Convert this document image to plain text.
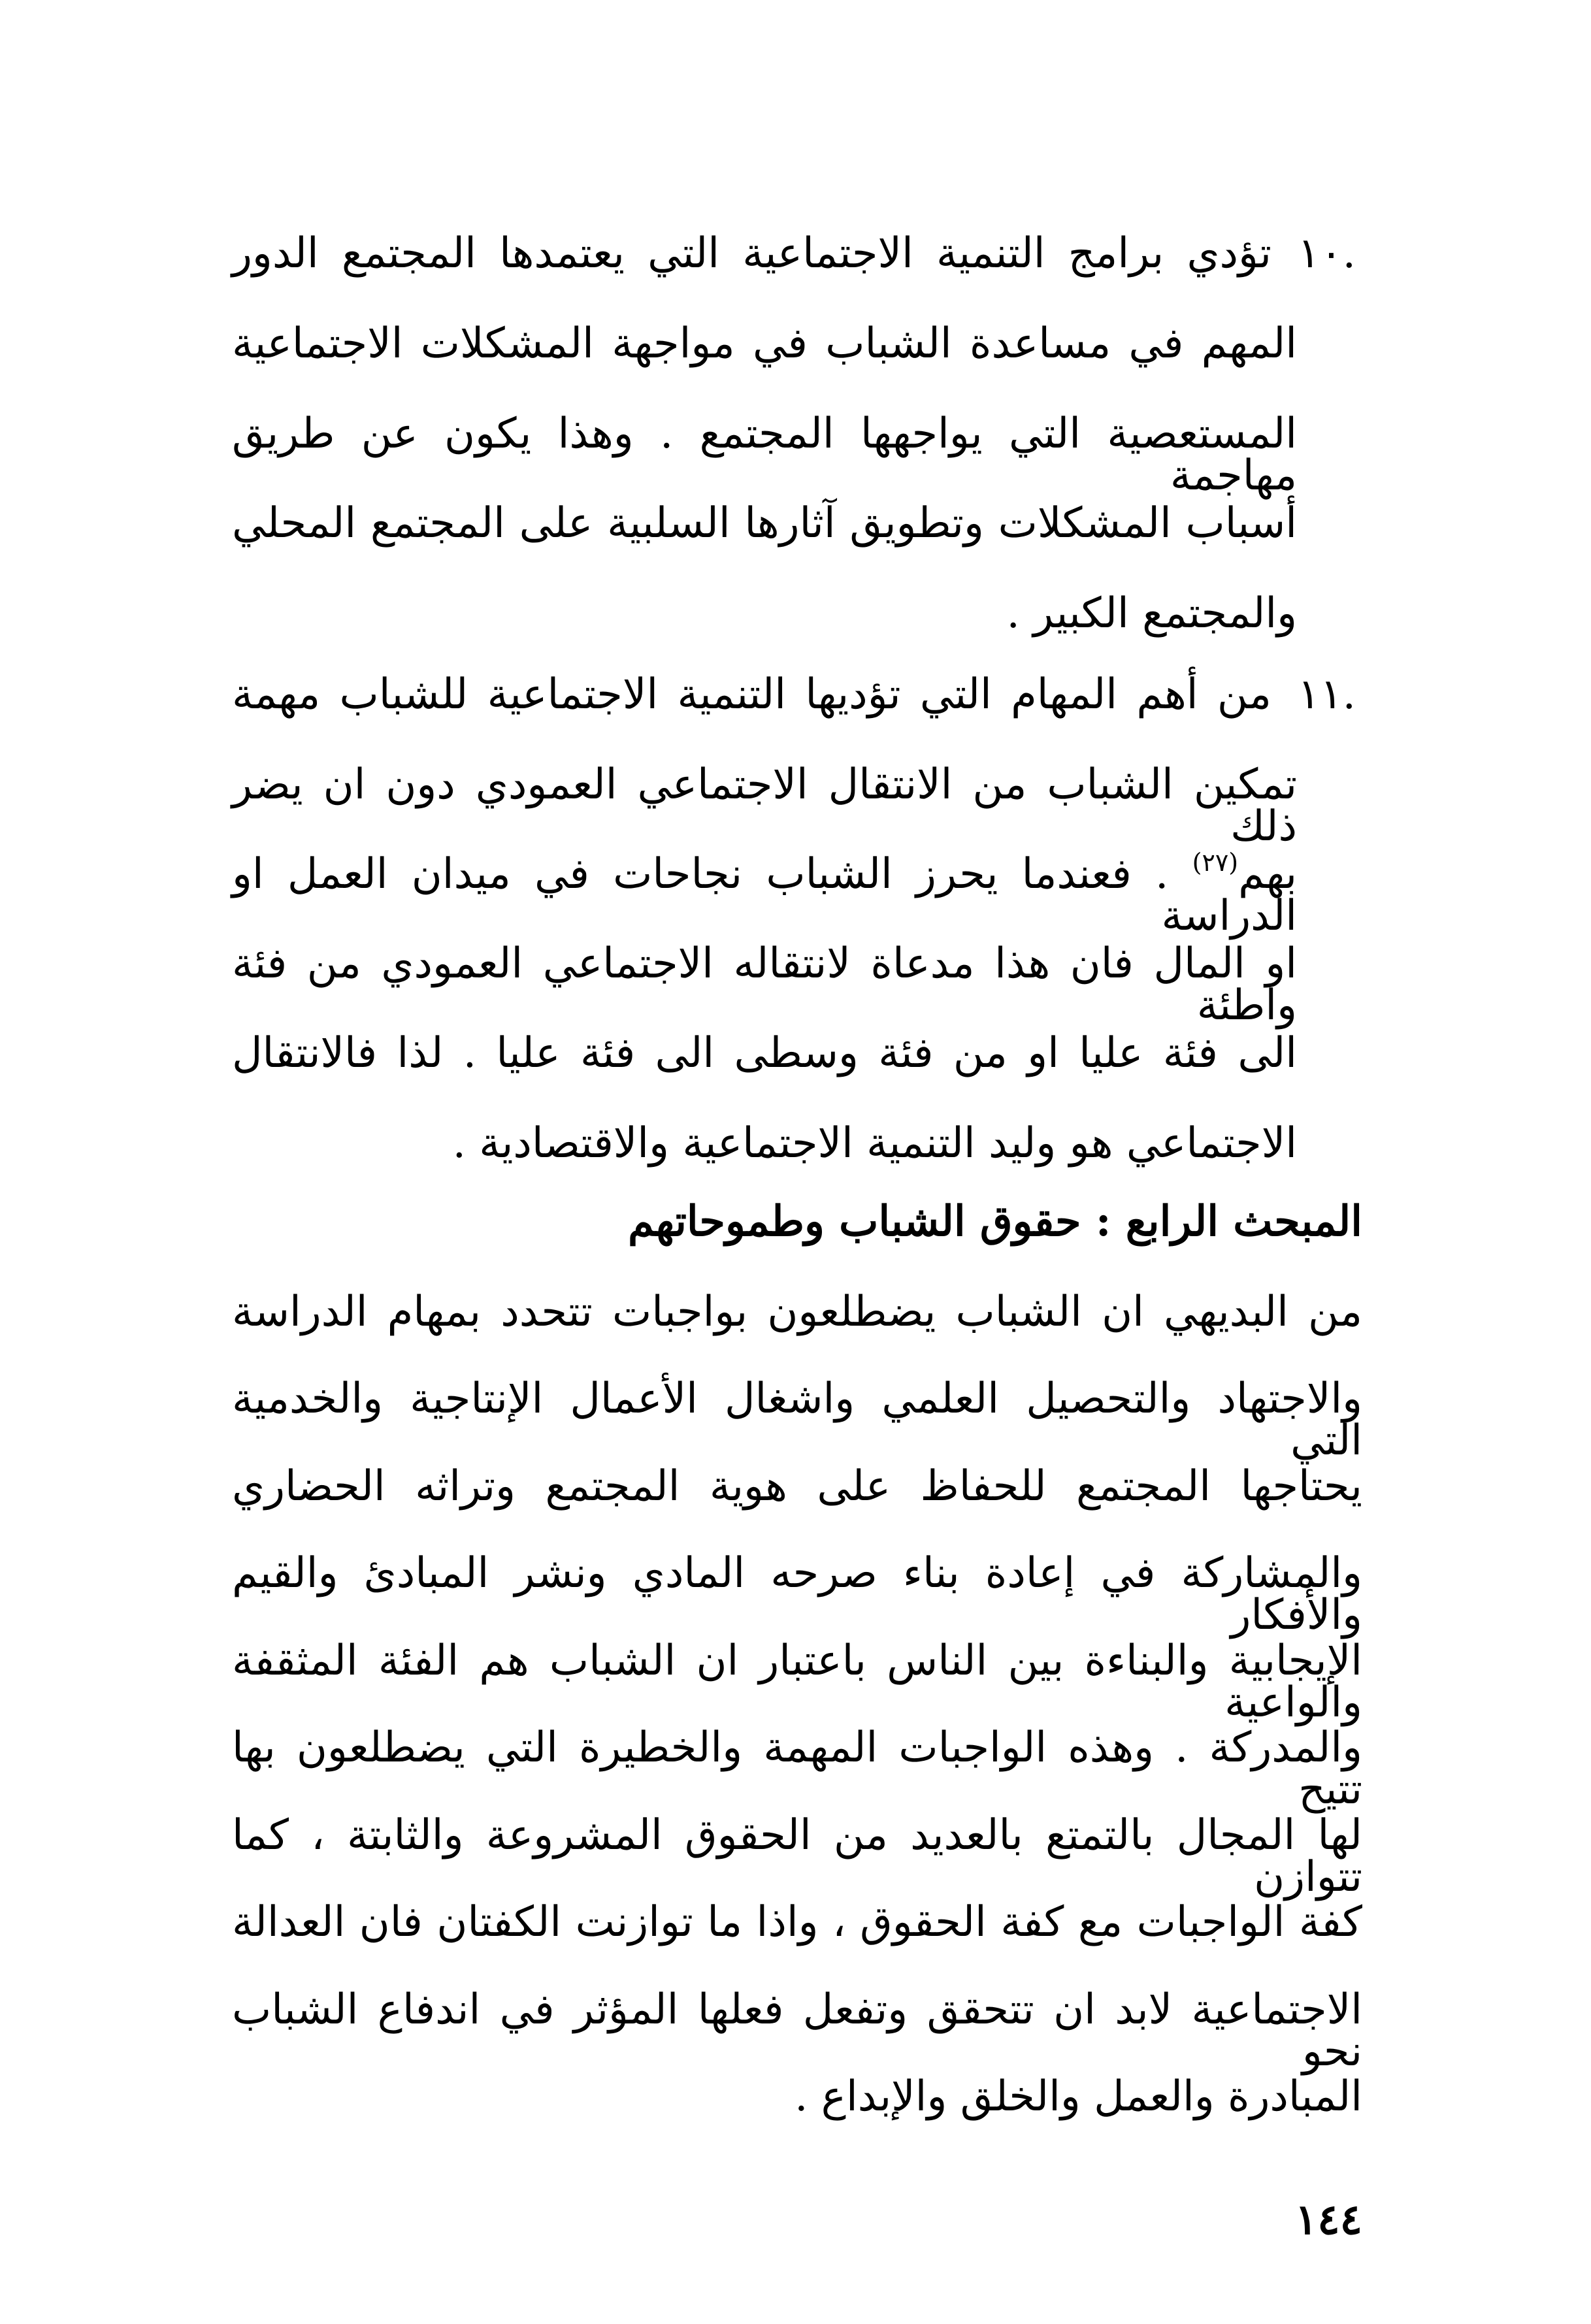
.١٠تؤدي برامج التنمية الاجتماعية التي يعتمدها المجتمع الدور
المهم في مساعدة الشباب في مواجهة المشكلات الاجتماعية
المستعصية التي يواجهها المجتمع . وهذا يكون عن طريق مهاجمة
أسباب المشكلات وتطويق آثارها السلبية على المجتمع المحلي
والمجتمع الكبير .
.١١من أهم المهام التي تؤديها التنمية الاجتماعية للشباب مهمة
تمكين الشباب من الانتقال الاجتماعي العمودي دون ان يضر ذلك
بهم$^{(٢٧)}$ . فعندما يحرز الشباب نجاحات في ميدان العمل او الدراسة
او المال فان هذا مدعاة لانتقاله الاجتماعي العمودي من فئة واطئة
الى فئة عليا او من فئة وسطى الى فئة عليا . لذا فالانتقال
الاجتماعي هو وليد التنمية الاجتماعية والاقتصادية .
المبحث الرابع : حقوق الشباب وطموحاتهم
من البديهي ان الشباب يضطلعون بواجبات تتحدد بمهام الدراسة
والاجتهاد والتحصيل العلمي واشغال الأعمال الإنتاجية والخدمية التي
يحتاجها المجتمع للحفاظ على هوية المجتمع وتراثه الحضاري
والمشاركة في إعادة بناء صرحه المادي ونشر المبادئ والقيم والأفكار
الإيجابية والبناءة بين الناس باعتبار ان الشباب هم الفئة المثقفة والواعية
والمدركة . وهذه الواجبات المهمة والخطيرة التي يضطلعون بها تتيح
لها المجال بالتمتع بالعديد من الحقوق المشروعة والثابتة ، كما تتوازن
كفة الواجبات مع كفة الحقوق ، واذا ما توازنت الكفتان فان العدالة
الاجتماعية لابد ان تتحقق وتفعل فعلها المؤثر في اندفاع الشباب نحو
المبادرة والعمل والخلق والإبداع .
١٤٤
